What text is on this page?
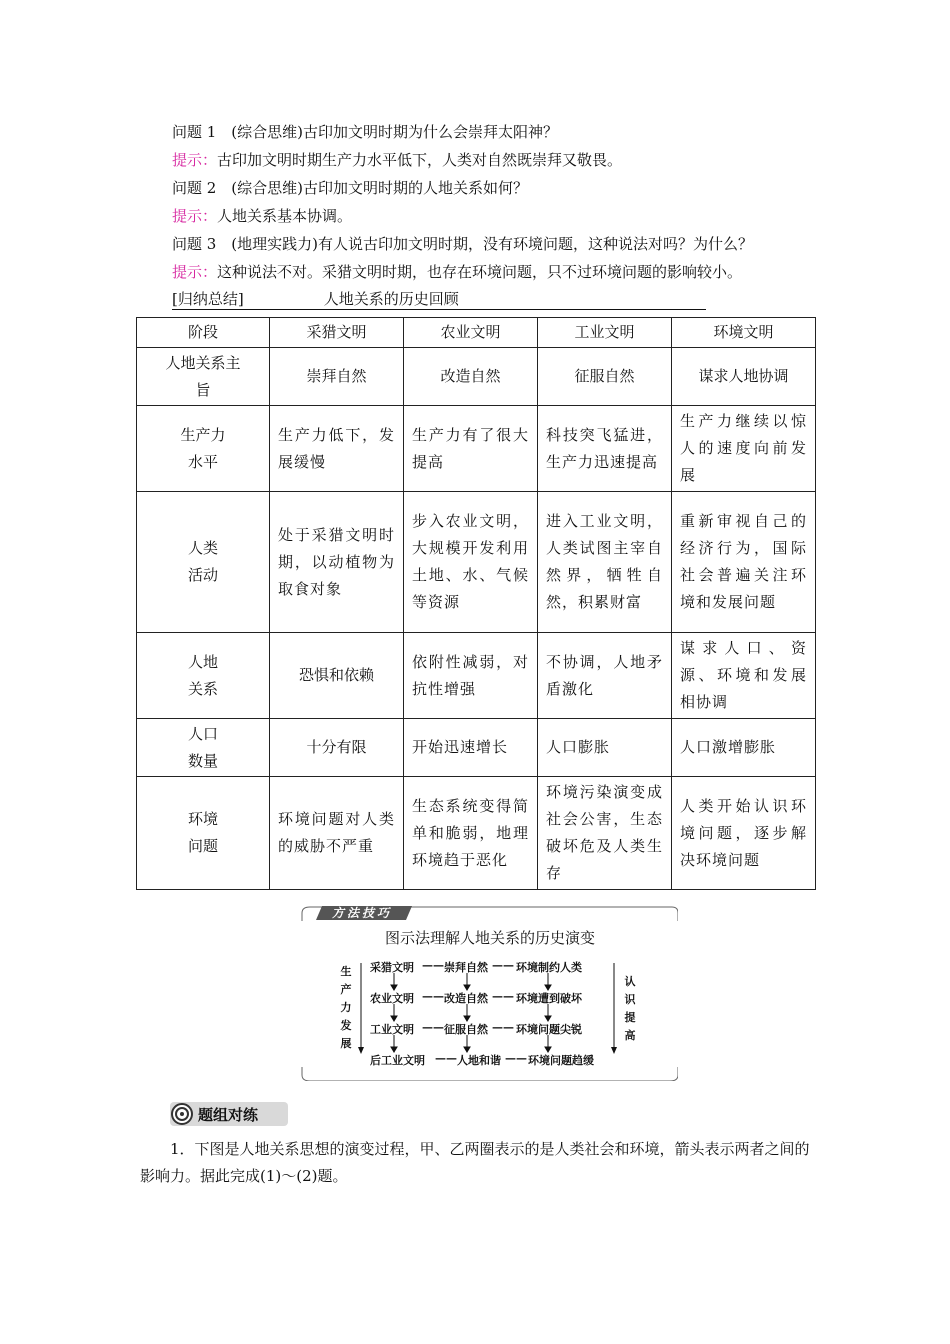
问题 1　(综合思维)古印加文明时期为什么会崇拜太阳神？
提示：古印加文明时期生产力水平低下，人类对自然既崇拜又敬畏。
问题 2　(综合思维)古印加文明时期的人地关系如何？
提示：人地关系基本协调。
问题 3　(地理实践力)有人说古印加文明时期，没有环境问题，这种说法对吗？为什么？
提示：这种说法不对。采猎文明时期，也存在环境问题，只不过环境问题的影响较小。
[归纳总结]	人地关系的历史回顾
阶段	采猎文明	农业文明	工业文明	环境文明
人地关系主旨	崇拜自然	改造自然	征服自然	谋求人地协调
生产力水平	生产力低下，发展缓慢	生产力有了很大提高	科技突飞猛进，生产力迅速提高	生产力继续以惊人的速度向前发展
人类活动	处于采猎文明时期，以动植物为取食对象	步入农业文明，大规模开发利用土地、水、气候等资源	进入工业文明，人类试图主宰自然界，牺牲自然，积累财富	重新审视自己的经济行为，国际社会普遍关注环境和发展问题
人地关系	恐惧和依赖	依附性减弱，对抗性增强	不协调，人地矛盾激化	谋求人口、资源、环境和发展相协调
人口数量	十分有限	开始迅速增长	人口膨胀	人口激增膨胀
环境问题	环境问题对人类的威胁不严重	生态系统变得简单和脆弱，地理环境趋于恶化	环境污染演变成社会公害，生态破坏危及人类生存	人类开始认识环境问题，逐步解决环境问题
方法技巧
图示法理解人地关系的历史演变
生产力发展
认识提高
采猎文明 —— 崇拜自然 —— 环境制约人类
农业文明 —— 改造自然 —— 环境遭到破坏
工业文明 —— 征服自然 —— 环境问题尖锐
后工业文明 —— 人地和谐 —— 环境问题趋缓
题组对练
1．下图是人地关系思想的演变过程，甲、乙两圈表示的是人类社会和环境，箭头表示两者之间的影响力。据此完成(1)～(2)题。
